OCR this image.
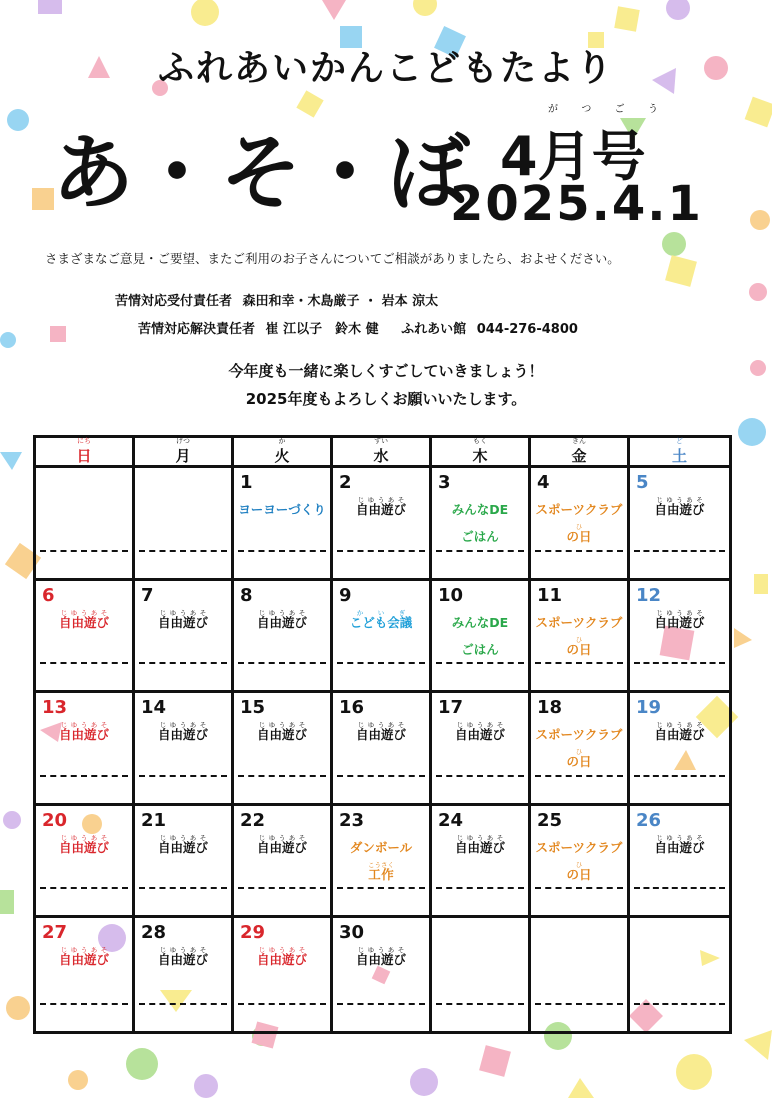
ふれあいかんこどもたより
あ・そ・ぼ
が つ ご う
4月号
2025.4.1
さまざまなご意見・ご要望、またご利用のお子さんについてご相談がありましたら、およせください。
苦情対応受付責任者 森田和幸・木島厳子 ・ 岩本 涼太
苦情対応解決責任者 崔 江以子　鈴木 健 ふれあい館 044-276-4800
今年度も一緒に楽しくすごしていきましょう！
2025年度もよろしくお願いいたします。
にち
日
げつ
月
か
火
すい
水
もく
木
きん
金
ど
土
1
ヨーヨーづくり
2
自由遊びじゆうあそ
3
みんなDE
ごはん
4
スポーツクラブ
の日ひ
5
自由遊びじゆうあそ
6
自由遊びじゆうあそ
7
自由遊びじゆうあそ
8
自由遊びじゆうあそ
9
こども会議かいぎ
10
みんなDE
ごはん
11
スポーツクラブ
の日ひ
12
自由遊びじゆうあそ
13
自由遊びじゆうあそ
14
自由遊びじゆうあそ
15
自由遊びじゆうあそ
16
自由遊びじゆうあそ
17
自由遊びじゆうあそ
18
スポーツクラブ
の日ひ
19
自由遊びじゆうあそ
20
自由遊びじゆうあそ
21
自由遊びじゆうあそ
22
自由遊びじゆうあそ
23
ダンボール
工作こうさく
24
自由遊びじゆうあそ
25
スポーツクラブ
の日ひ
26
自由遊びじゆうあそ
27
自由遊びじゆうあそ
28
自由遊びじゆうあそ
29
自由遊びじゆうあそ
30
自由遊びじゆうあそ
